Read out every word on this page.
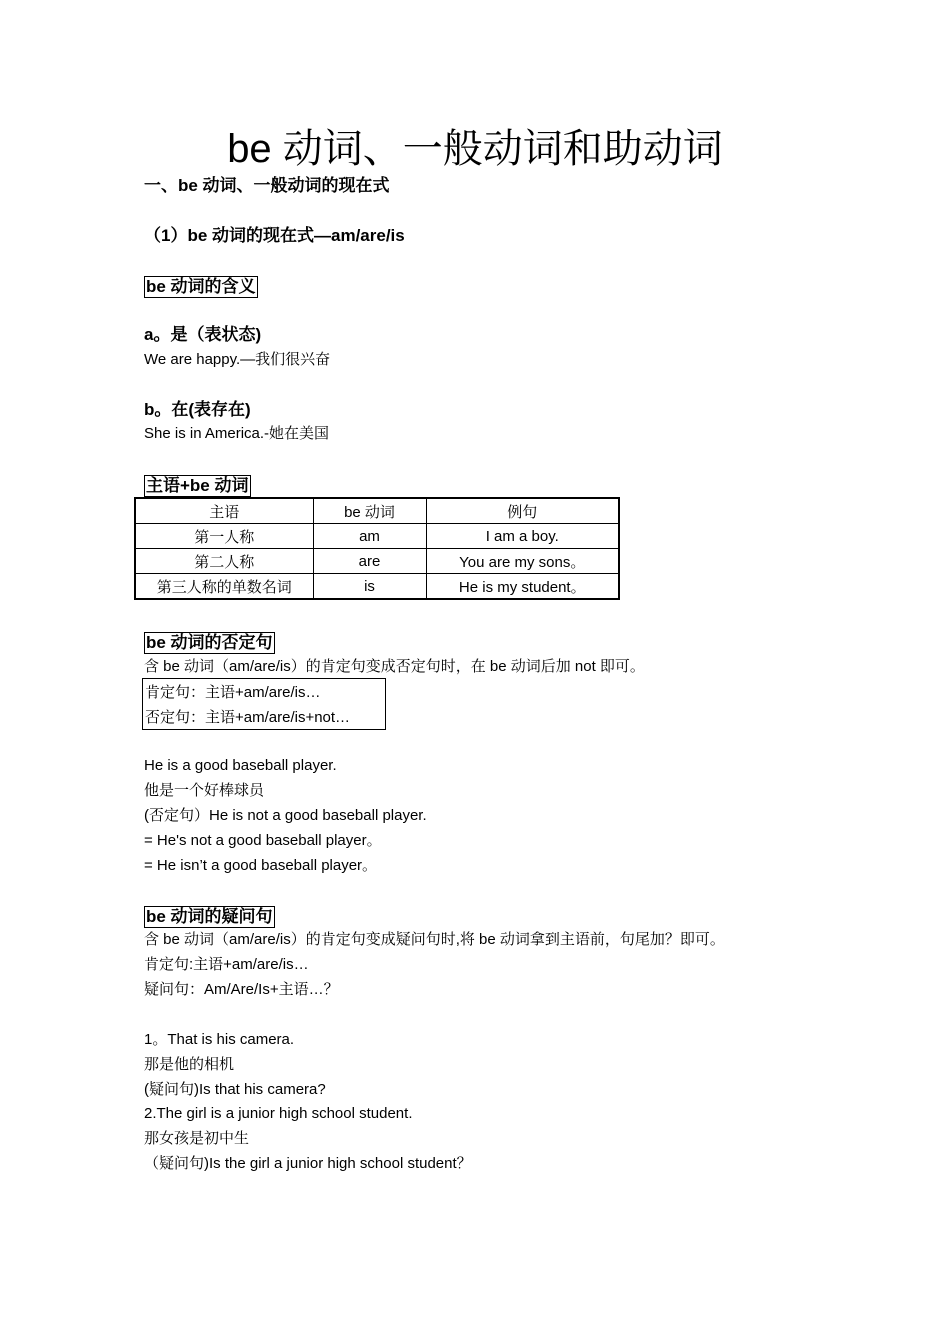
be 动词、一般动词和助动词
一、be 动词、一般动词的现在式
（1）be 动词的现在式—am/are/is
be 动词的含义
a。是（表状态)
We are happy.—我们很兴奋
b。在(表存在)
She is in America.-她在美国
主语+be 动词
主语	be 动词	例句
第一人称	am	I am a boy.
第二人称	are	You are my sons。
第三人称的单数名词	is	He is my student。
be 动词的否定句
含 be 动词（am/are/is）的肯定句变成否定句时，在 be 动词后加 not 即可。
肯定句：主语+am/are/is…
否定句：主语+am/are/is+not…
He is a good baseball player.
他是一个好棒球员
(否定句）He is not a good baseball player.
= He's not a good baseball player。
= He isn’t a good baseball player。
be 动词的疑问句
含 be 动词（am/are/is）的肯定句变成疑问句时,将 be 动词拿到主语前，句尾加？即可。
肯定句:主语+am/are/is…
疑问句：Am/Are/Is+主语…？
1。That is his camera.
那是他的相机
(疑问句)Is that his camera?
2.The girl is a junior high school student.
那女孩是初中生
（疑问句)Is the girl a junior high school student？
